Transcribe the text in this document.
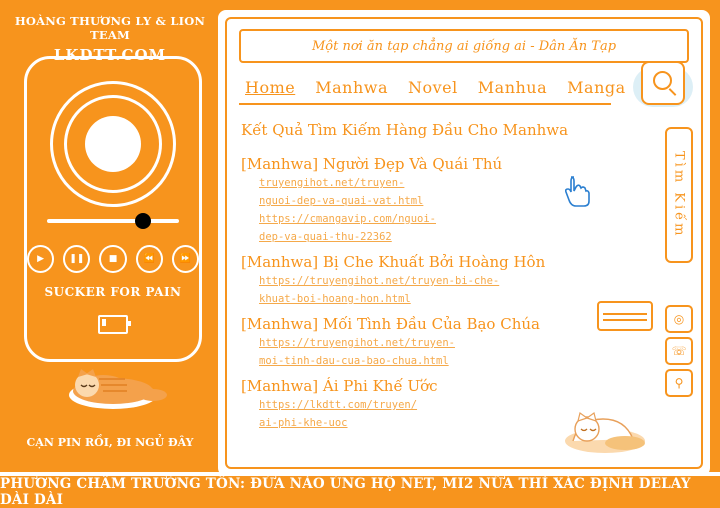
HOÀNG THƯƠNG LY & LION TEAM
LKDTT.COM
▶	❚❚	■	⏪	⏩
SUCKER FOR PAIN
CẠN PIN RỒI, ĐI NGỦ ĐÂY
Một nơi ăn tạp chẳng ai giống ai - Dân Ăn Tạp
Home Manhwa Novel Manhua Manga
Kết Quả Tìm Kiếm Hàng Đầu Cho Manhwa
[Manhwa] Người Đẹp Và Quái Thú
truyengihot.net/truyen-
nguoi-dep-va-quai-vat.html
https://cmangavip.com/nguoi-
dep-va-quai-thu-22362
[Manhwa] Bị Che Khuất Bởi Hoàng Hôn
https://truyengihot.net/truyen-bi-che-
khuat-boi-hoang-hon.html
[Manhwa] Mối Tình Đầu Của Bạo Chúa
https://truyengihot.net/truyen-
moi-tinh-dau-cua-bao-chua.html
[Manhwa] Ái Phi Khế Ước
https://lkdtt.com/truyen/
ai-phi-khe-uoc
Tìm Kiếm
◎
☏
⚲
PHƯƠNG CHÂM TRƯỜNG TỒN: ĐỨA NÀO ỦNG HỘ NET, MI2 NỮA THÌ XÁC ĐỊNH DELAY DÀI DÀI
